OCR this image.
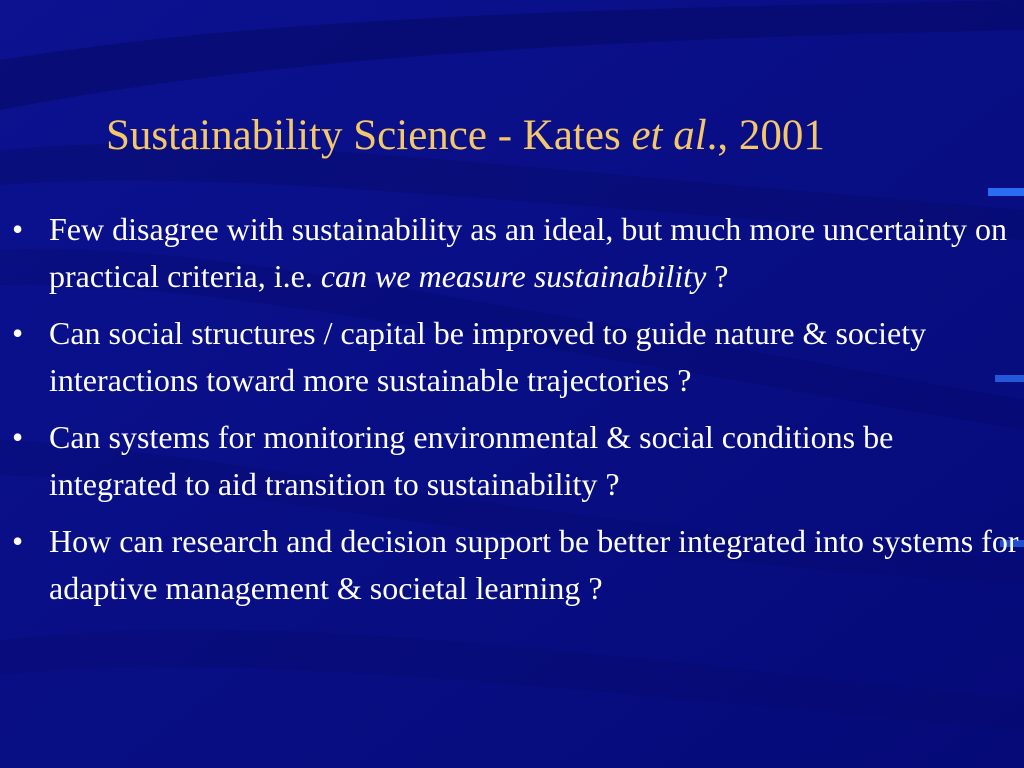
Sustainability Science - Kates et al., 2001
• Few disagree with sustainability as an ideal, but much more uncertainty on practical criteria, i.e. can we measure sustainability ?
• Can social structures / capital be improved to guide nature & society interactions toward more sustainable trajectories ?
• Can systems for monitoring environmental & social conditions be integrated to aid transition to sustainability ?
• How can research and decision support be better integrated into systems for adaptive management & societal learning ?
